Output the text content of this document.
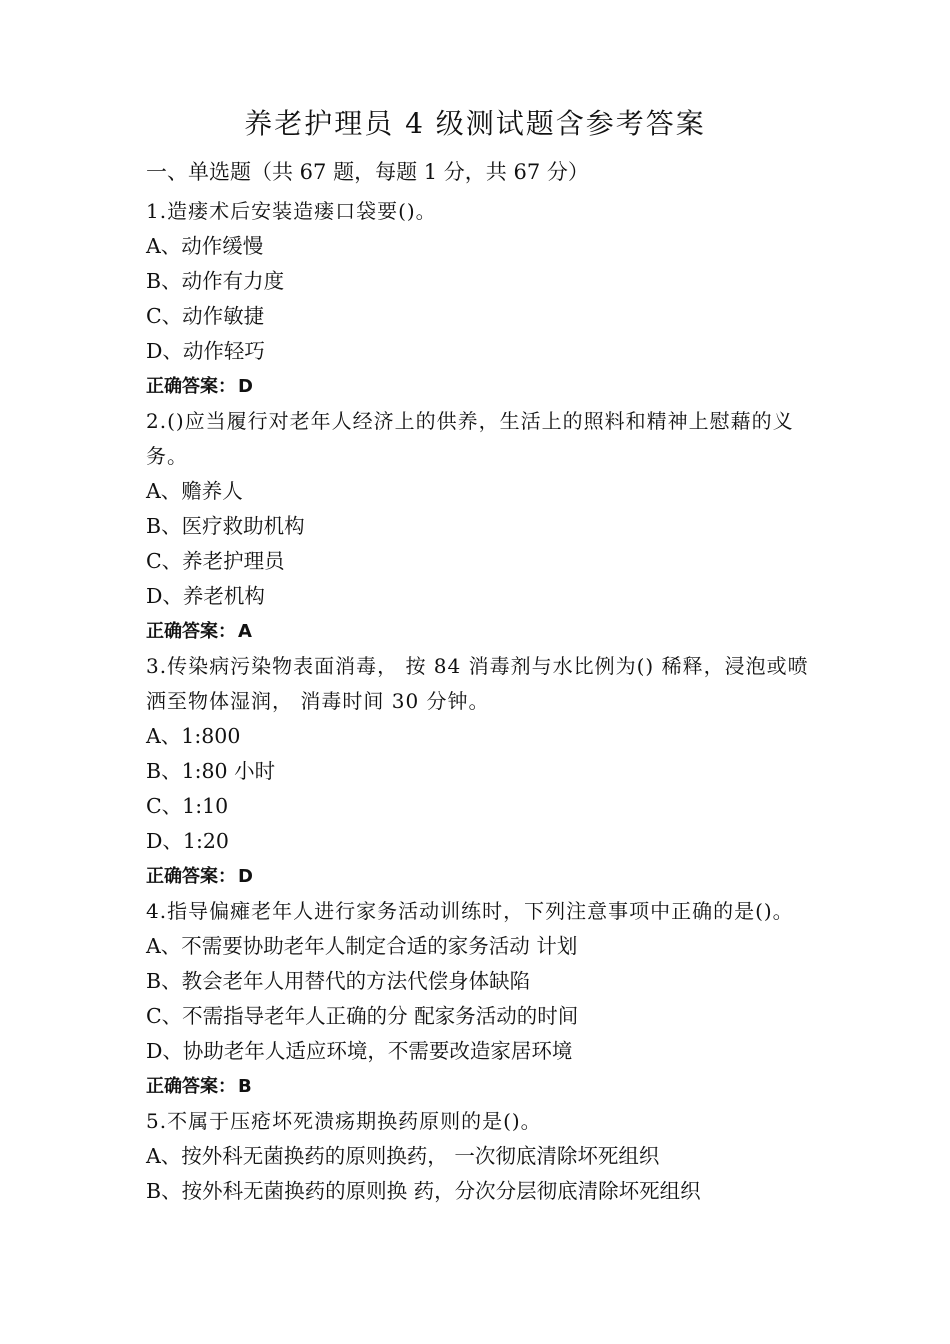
养老护理员 4 级测试题含参考答案
一、单选题（共 67 题，每题 1 分，共 67 分）
1.造瘘术后安装造瘘口袋要()。
A、动作缓慢
B、动作有力度
C、动作敏捷
D、动作轻巧
正确答案： D
2.()应当履行对老年人经济上的供养，生活上的照料和精神上慰藉的义务。
A、赡养人
B、医疗救助机构
C、养老护理员
D、养老机构
正确答案： A
3.传染病污染物表面消毒， 按 84 消毒剂与水比例为() 稀释，浸泡或喷洒至物体湿润， 消毒时间 30 分钟。
A、1:800
B、1:80 小时
C、1:10
D、1:20
正确答案： D
4.指导偏瘫老年人进行家务活动训练时，下列注意事项中正确的是()。
A、不需要协助老年人制定合适的家务活动 计划
B、教会老年人用替代的方法代偿身体缺陷
C、不需指导老年人正确的分 配家务活动的时间
D、协助老年人适应环境，不需要改造家居环境
正确答案： B
5.不属于压疮坏死溃疡期换药原则的是()。
A、按外科无菌换药的原则换药， 一次彻底清除坏死组织
B、按外科无菌换药的原则换 药，分次分层彻底清除坏死组织
